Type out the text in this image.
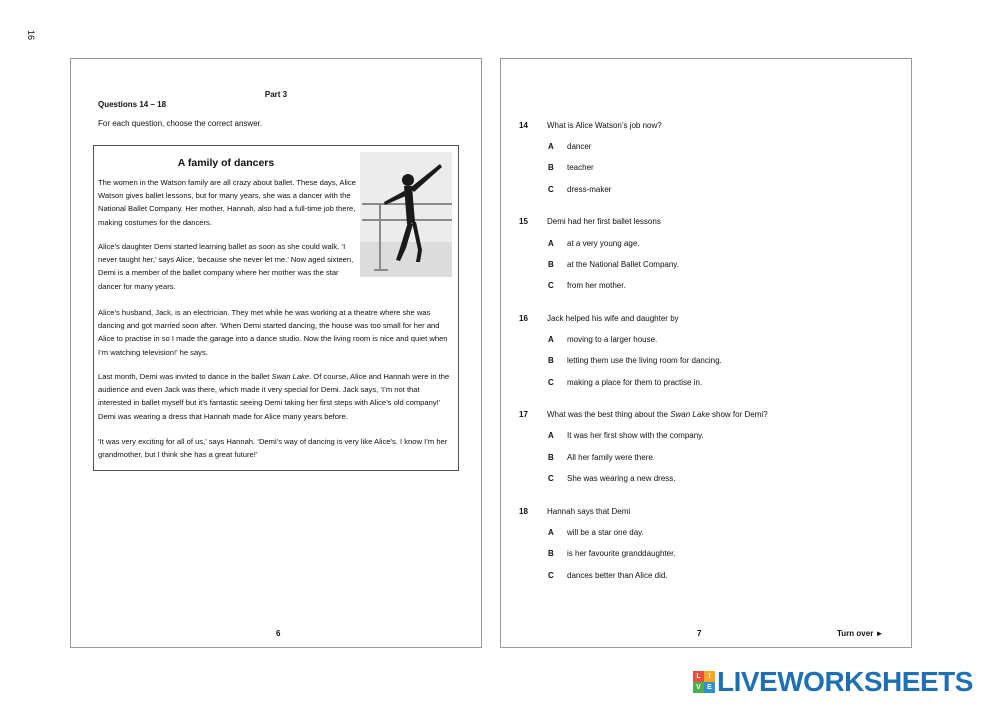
16
Part 3
Questions 14 – 18
For each question, choose the correct answer.
A family of dancers
The women in the Watson family are all crazy about ballet. These days, Alice Watson gives ballet lessons, but for many years, she was a dancer with the National Ballet Company. Her mother, Hannah, also had a full-time job there, making costumes for the dancers.
Alice’s daughter Demi started learning ballet as soon as she could walk. ‘I never taught her,’ says Alice, ‘because she never let me.’ Now aged sixteen, Demi is a member of the ballet company where her mother was the star dancer for many years.
Alice’s husband, Jack, is an electrician. They met while he was working at a theatre where she was dancing and got married soon after. ‘When Demi started dancing, the house was too small for her and Alice to practise in so I made the garage into a dance studio. Now the living room is nice and quiet when I’m watching television!’ he says.
Last month, Demi was invited to dance in the ballet Swan Lake. Of course, Alice and Hannah were in the audience and even Jack was there, which made it very special for Demi. Jack says, ‘I’m not that interested in ballet myself but it’s fantastic seeing Demi taking her first steps with Alice’s old company!’ Demi was wearing a dress that Hannah made for Alice many years before.
‘It was very exciting for all of us,’ says Hannah. ‘Demi’s way of dancing is very like Alice’s. I know I’m her grandmother, but I think she has a great future!’
6
14 What is Alice Watson’s job now?
A dancer
B teacher
C dress-maker
15 Demi had her first ballet lessons
A at a very young age.
B at the National Ballet Company.
C from her mother.
16 Jack helped his wife and daughter by
A moving to a larger house.
B letting them use the living room for dancing.
C making a place for them to practise in.
17 What was the best thing about the Swan Lake show for Demi?
A It was her first show with the company.
B All her family were there.
C She was wearing a new dress.
18 Hannah says that Demi
A will be a star one day.
B is her favourite granddaughter.
C dances better than Alice did.
7	Turn over ►
L	I
V E LIVEWORKSHEETS
